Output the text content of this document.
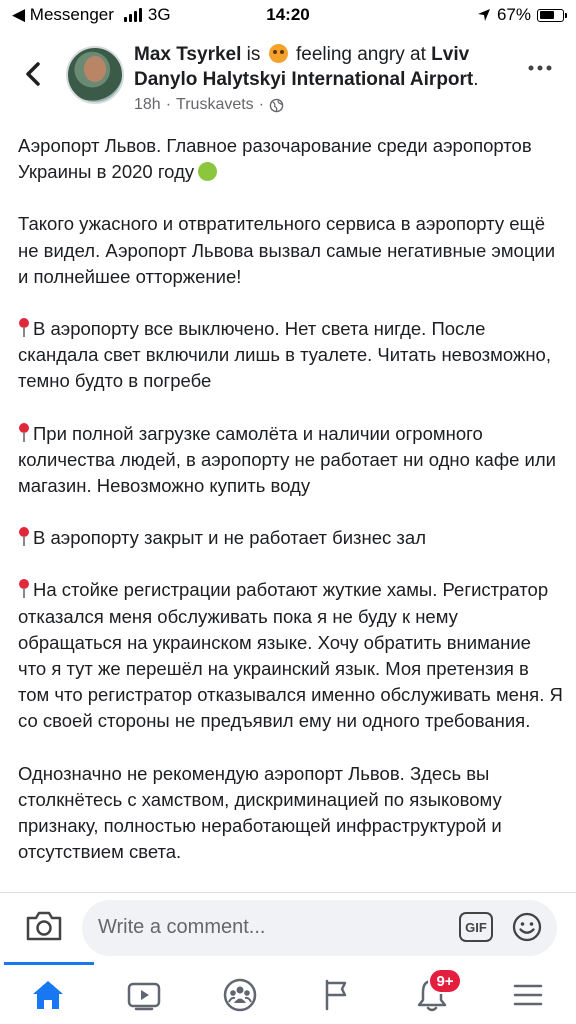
◀ Messenger 3G	14:20	67%
Max Tsyrkel is feeling angry at Lviv Danylo Halytskyi International Airport.
18h · Truskavets ·

Аэропорт Львов. Главное разочарование среди аэропортов Украины в 2020 году

Такого ужасного и отвратительного сервиса в аэропорту ещё не видел. Аэропорт Львова вызвал самые негативные эмоции и полнейшее отторжение!

В аэропорту все выключено. Нет света нигде. После скандала свет включили лишь в туалете. Читать невозможно, темно будто в погребе

При полной загрузке самолёта и наличии огромного количества людей, в аэропорту не работает ни одно кафе или магазин. Невозможно купить воду

В аэропорту закрыт и не работает бизнес зал

На стойке регистрации работают жуткие хамы. Регистратор отказался меня обслуживать пока я не буду к нему обращаться на украинском языке. Хочу обратить внимание что я тут же перешёл на украинский язык. Моя претензия в том что регистратор отказывался именно обслуживать меня. Я со своей стороны не предъявил ему ни одного требования.

Однозначно не рекомендую аэропорт Львов. Здесь вы столкнётесь с хамством, дискриминацией по языковому признаку, полностью неработающей инфраструктурой и отсутствием света.

Write a comment...	GIF
9+
